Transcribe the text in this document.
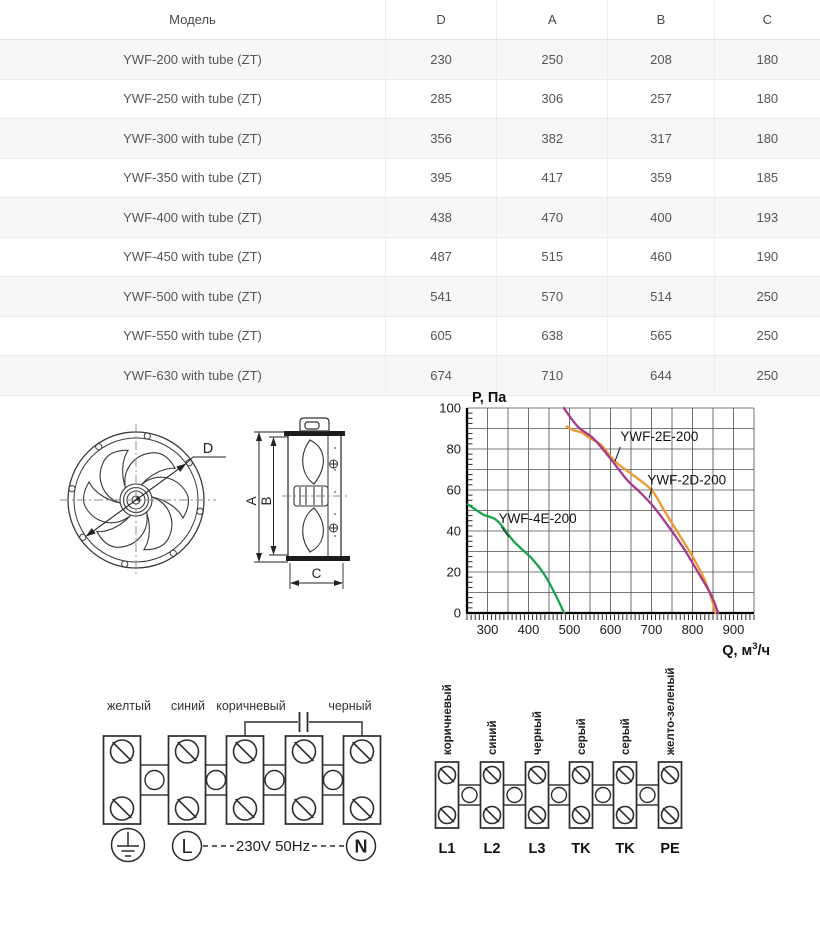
Модель	D	A	B	C
YWF-200 with tube (ZT)	230	250	208	180
YWF-250 with tube (ZT)	285	306	257	180
YWF-300 with tube (ZT)	356	382	317	180
YWF-350 with tube (ZT)	395	417	359	185
YWF-400 with tube (ZT)	438	470	400	193
YWF-450 with tube (ZT)	487	515	460	190
YWF-500 with tube (ZT)	541	570	514	250
YWF-550 with tube (ZT)	605	638	565	250
YWF-630 with tube (ZT)	674	710	644	250
D
A B
C
0
20
40
60
80
100
300 400 500 600 700 800 900
YWF-4E-200
YWF-2E-200
YWF-2D-200
P, Па
Q, $м^3/ч$
желтый синий коричневый	черный
L	N
230V 50Hz
коричневый	синий	черный	серый	серый	желто-зеленый
L1 L2 L3 TK TK PE
